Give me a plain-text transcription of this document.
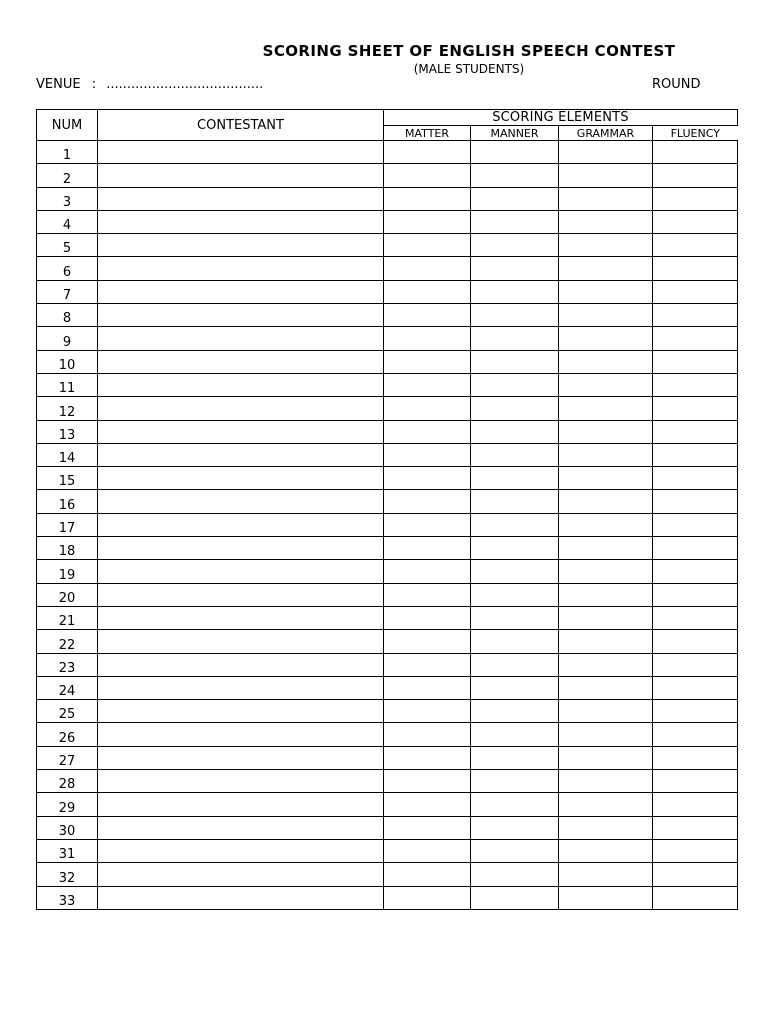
SCORING SHEET OF ENGLISH SPEECH CONTEST
(MALE STUDENTS)
VENUE : ......................................	ROUND
NUM	CONTESTANT	SCORING ELEMENTS			
		MATTER	MANNER	GRAMMAR	FLUENCY
1					
2					
3					
4					
5					
6					
7					
8					
9					
10					
11					
12					
13					
14					
15					
16					
17					
18					
19					
20					
21					
22					
23					
24					
25					
26					
27					
28					
29					
30					
31					
32					
33					
